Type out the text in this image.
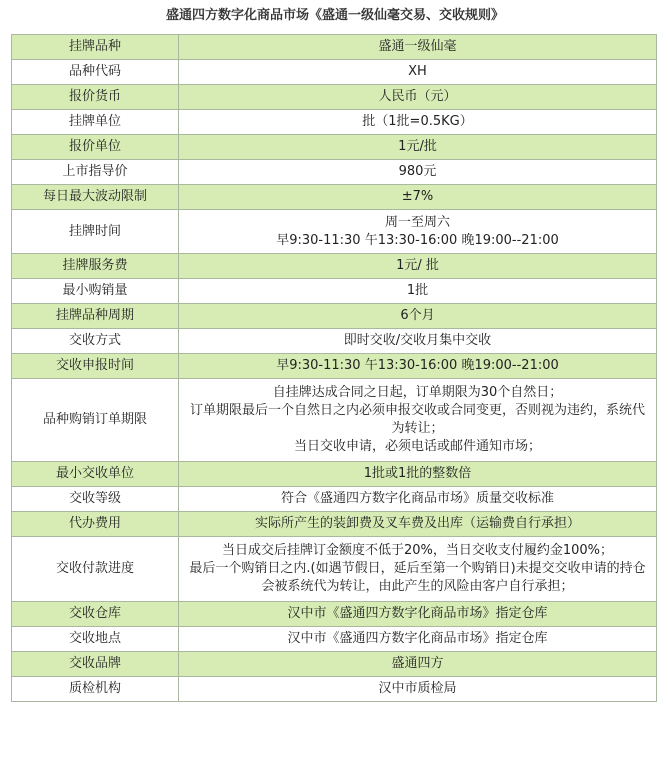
盛通四方数字化商品市场《盛通一级仙毫交易、交收规则》
挂牌品种	盛通一级仙毫

品种代码	XH

报价货币	人民币（元）

挂牌单位	批（1批=0.5KG）

报价单位	1元/批

上市指导价	980元

每日最大波动限制	±7%

挂牌时间	周一至周六
早9:30-11:30 午13:30-16:00 晚19:00--21:00

挂牌服务费	1元/ 批

最小购销量	1批

挂牌品种周期	6个月

交收方式	即时交收/交收月集中交收

交收申报时间	早9:30-11:30 午13:30-16:00 晚19:00--21:00

品种购销订单期限	自挂牌达成合同之日起，订单期限为30个自然日；
订单期限最后一个自然日之内必须申报交收或合同变更，否则视为违约，系统代为转让；
当日交收申请，必须电话或邮件通知市场；

最小交收单位	1批或1批的整数倍

交收等级	符合《盛通四方数字化商品市场》质量交收标准

代办费用	实际所产生的装卸费及叉车费及出库（运输费自行承担）

交收付款进度	当日成交后挂牌订金额度不低于20%，当日交收支付履约金100%；
最后一个购销日之内.(如遇节假日，延后至第一个购销日)未提交交收申请的持仓会被系统代为转让，由此产生的风险由客户自行承担；

交收仓库	汉中市《盛通四方数字化商品市场》指定仓库

交收地点	汉中市《盛通四方数字化商品市场》指定仓库

交收品牌	盛通四方

质检机构	汉中市质检局
